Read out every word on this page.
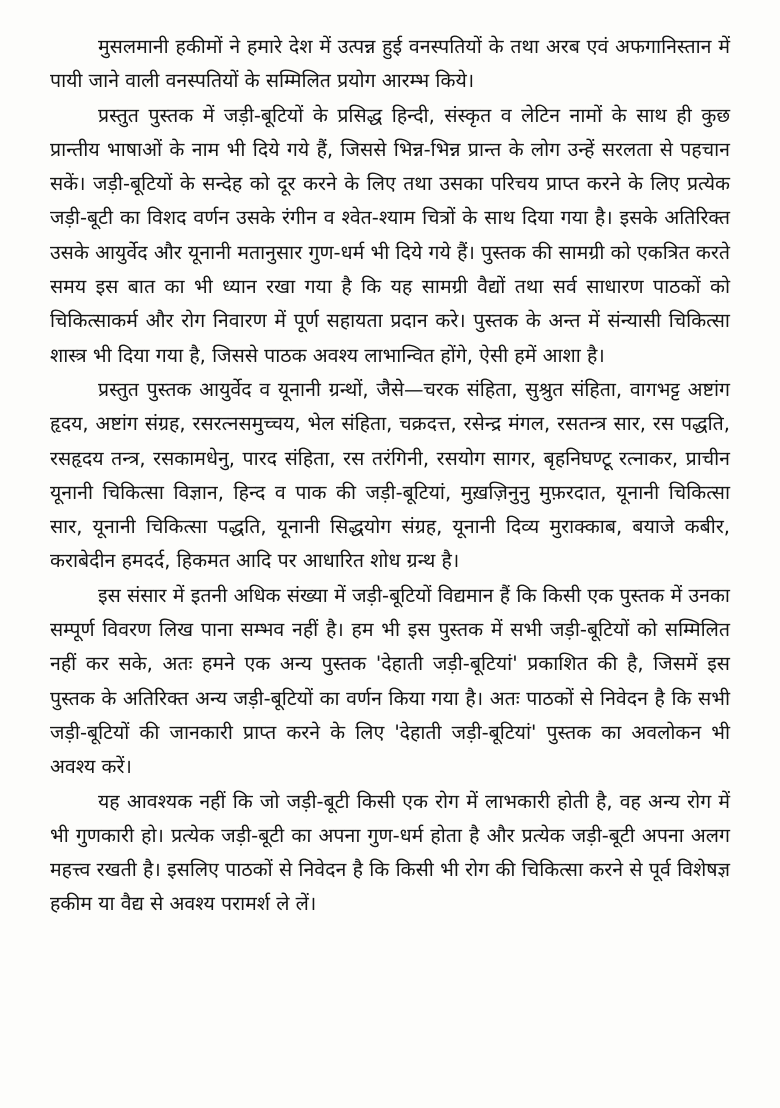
मुसलमानी हकीमों ने हमारे देश में उत्पन्न हुई वनस्पतियों के तथा अरब एवं अफगानिस्तान में पायी जाने वाली वनस्पतियों के सम्मिलित प्रयोग आरम्भ किये।

प्रस्तुत पुस्तक में जड़ी-बूटियों के प्रसिद्ध हिन्दी, संस्कृत व लेटिन नामों के साथ ही कुछ प्रान्तीय भाषाओं के नाम भी दिये गये हैं, जिससे भिन्न-भिन्न प्रान्त के लोग उन्हें सरलता से पहचान सकें। जड़ी-बूटियों के सन्देह को दूर करने के लिए तथा उसका परिचय प्राप्त करने के लिए प्रत्येक जड़ी-बूटी का विशद वर्णन उसके रंगीन व श्वेत-श्याम चित्रों के साथ दिया गया है। इसके अतिरिक्त उसके आयुर्वेद और यूनानी मतानुसार गुण-धर्म भी दिये गये हैं। पुस्तक की सामग्री को एकत्रित करते समय इस बात का भी ध्यान रखा गया है कि यह सामग्री वैद्यों तथा सर्व साधारण पाठकों को चिकित्साकर्म और रोग निवारण में पूर्ण सहायता प्रदान करे। पुस्तक के अन्त में संन्यासी चिकित्सा शास्त्र भी दिया गया है, जिससे पाठक अवश्य लाभान्वित होंगे, ऐसी हमें आशा है।

प्रस्तुत पुस्तक आयुर्वेद व यूनानी ग्रन्थों, जैसे—चरक संहिता, सुश्रुत संहिता, वागभट्ट अष्टांग हृदय, अष्टांग संग्रह, रसरत्नसमुच्चय, भेल संहिता, चक्रदत्त, रसेन्द्र मंगल, रसतन्त्र सार, रस पद्धति, रसहृदय तन्त्र, रसकामधेनु, पारद संहिता, रस तरंगिनी, रसयोग सागर, बृहनिघण्टू रत्नाकर, प्राचीन यूनानी चिकित्सा विज्ञान, हिन्द व पाक की जड़ी-बूटियां, मुख़ज़िनुनु मुफ़रदात, यूनानी चिकित्सा सार, यूनानी चिकित्सा पद्धति, यूनानी सिद्धयोग संग्रह, यूनानी दिव्य मुराक्काब, बयाजे कबीर, कराबेदीन हमदर्द, हिकमत आदि पर आधारित शोध ग्रन्थ है।

इस संसार में इतनी अधिक संख्या में जड़ी-बूटियों विद्यमान हैं कि किसी एक पुस्तक में उनका सम्पूर्ण विवरण लिख पाना सम्भव नहीं है। हम भी इस पुस्तक में सभी जड़ी-बूटियों को सम्मिलित नहीं कर सके, अतः हमने एक अन्य पुस्तक 'देहाती जड़ी-बूटियां' प्रकाशित की है, जिसमें इस पुस्तक के अतिरिक्त अन्य जड़ी-बूटियों का वर्णन किया गया है। अतः पाठकों से निवेदन है कि सभी जड़ी-बूटियों की जानकारी प्राप्त करने के लिए 'देहाती जड़ी-बूटियां' पुस्तक का अवलोकन भी अवश्य करें।

यह आवश्यक नहीं कि जो जड़ी-बूटी किसी एक रोग में लाभकारी होती है, वह अन्य रोग में भी गुणकारी हो। प्रत्येक जड़ी-बूटी का अपना गुण-धर्म होता है और प्रत्येक जड़ी-बूटी अपना अलग महत्त्व रखती है। इसलिए पाठकों से निवेदन है कि किसी भी रोग की चिकित्सा करने से पूर्व विशेषज्ञ हकीम या वैद्य से अवश्य परामर्श ले लें।
